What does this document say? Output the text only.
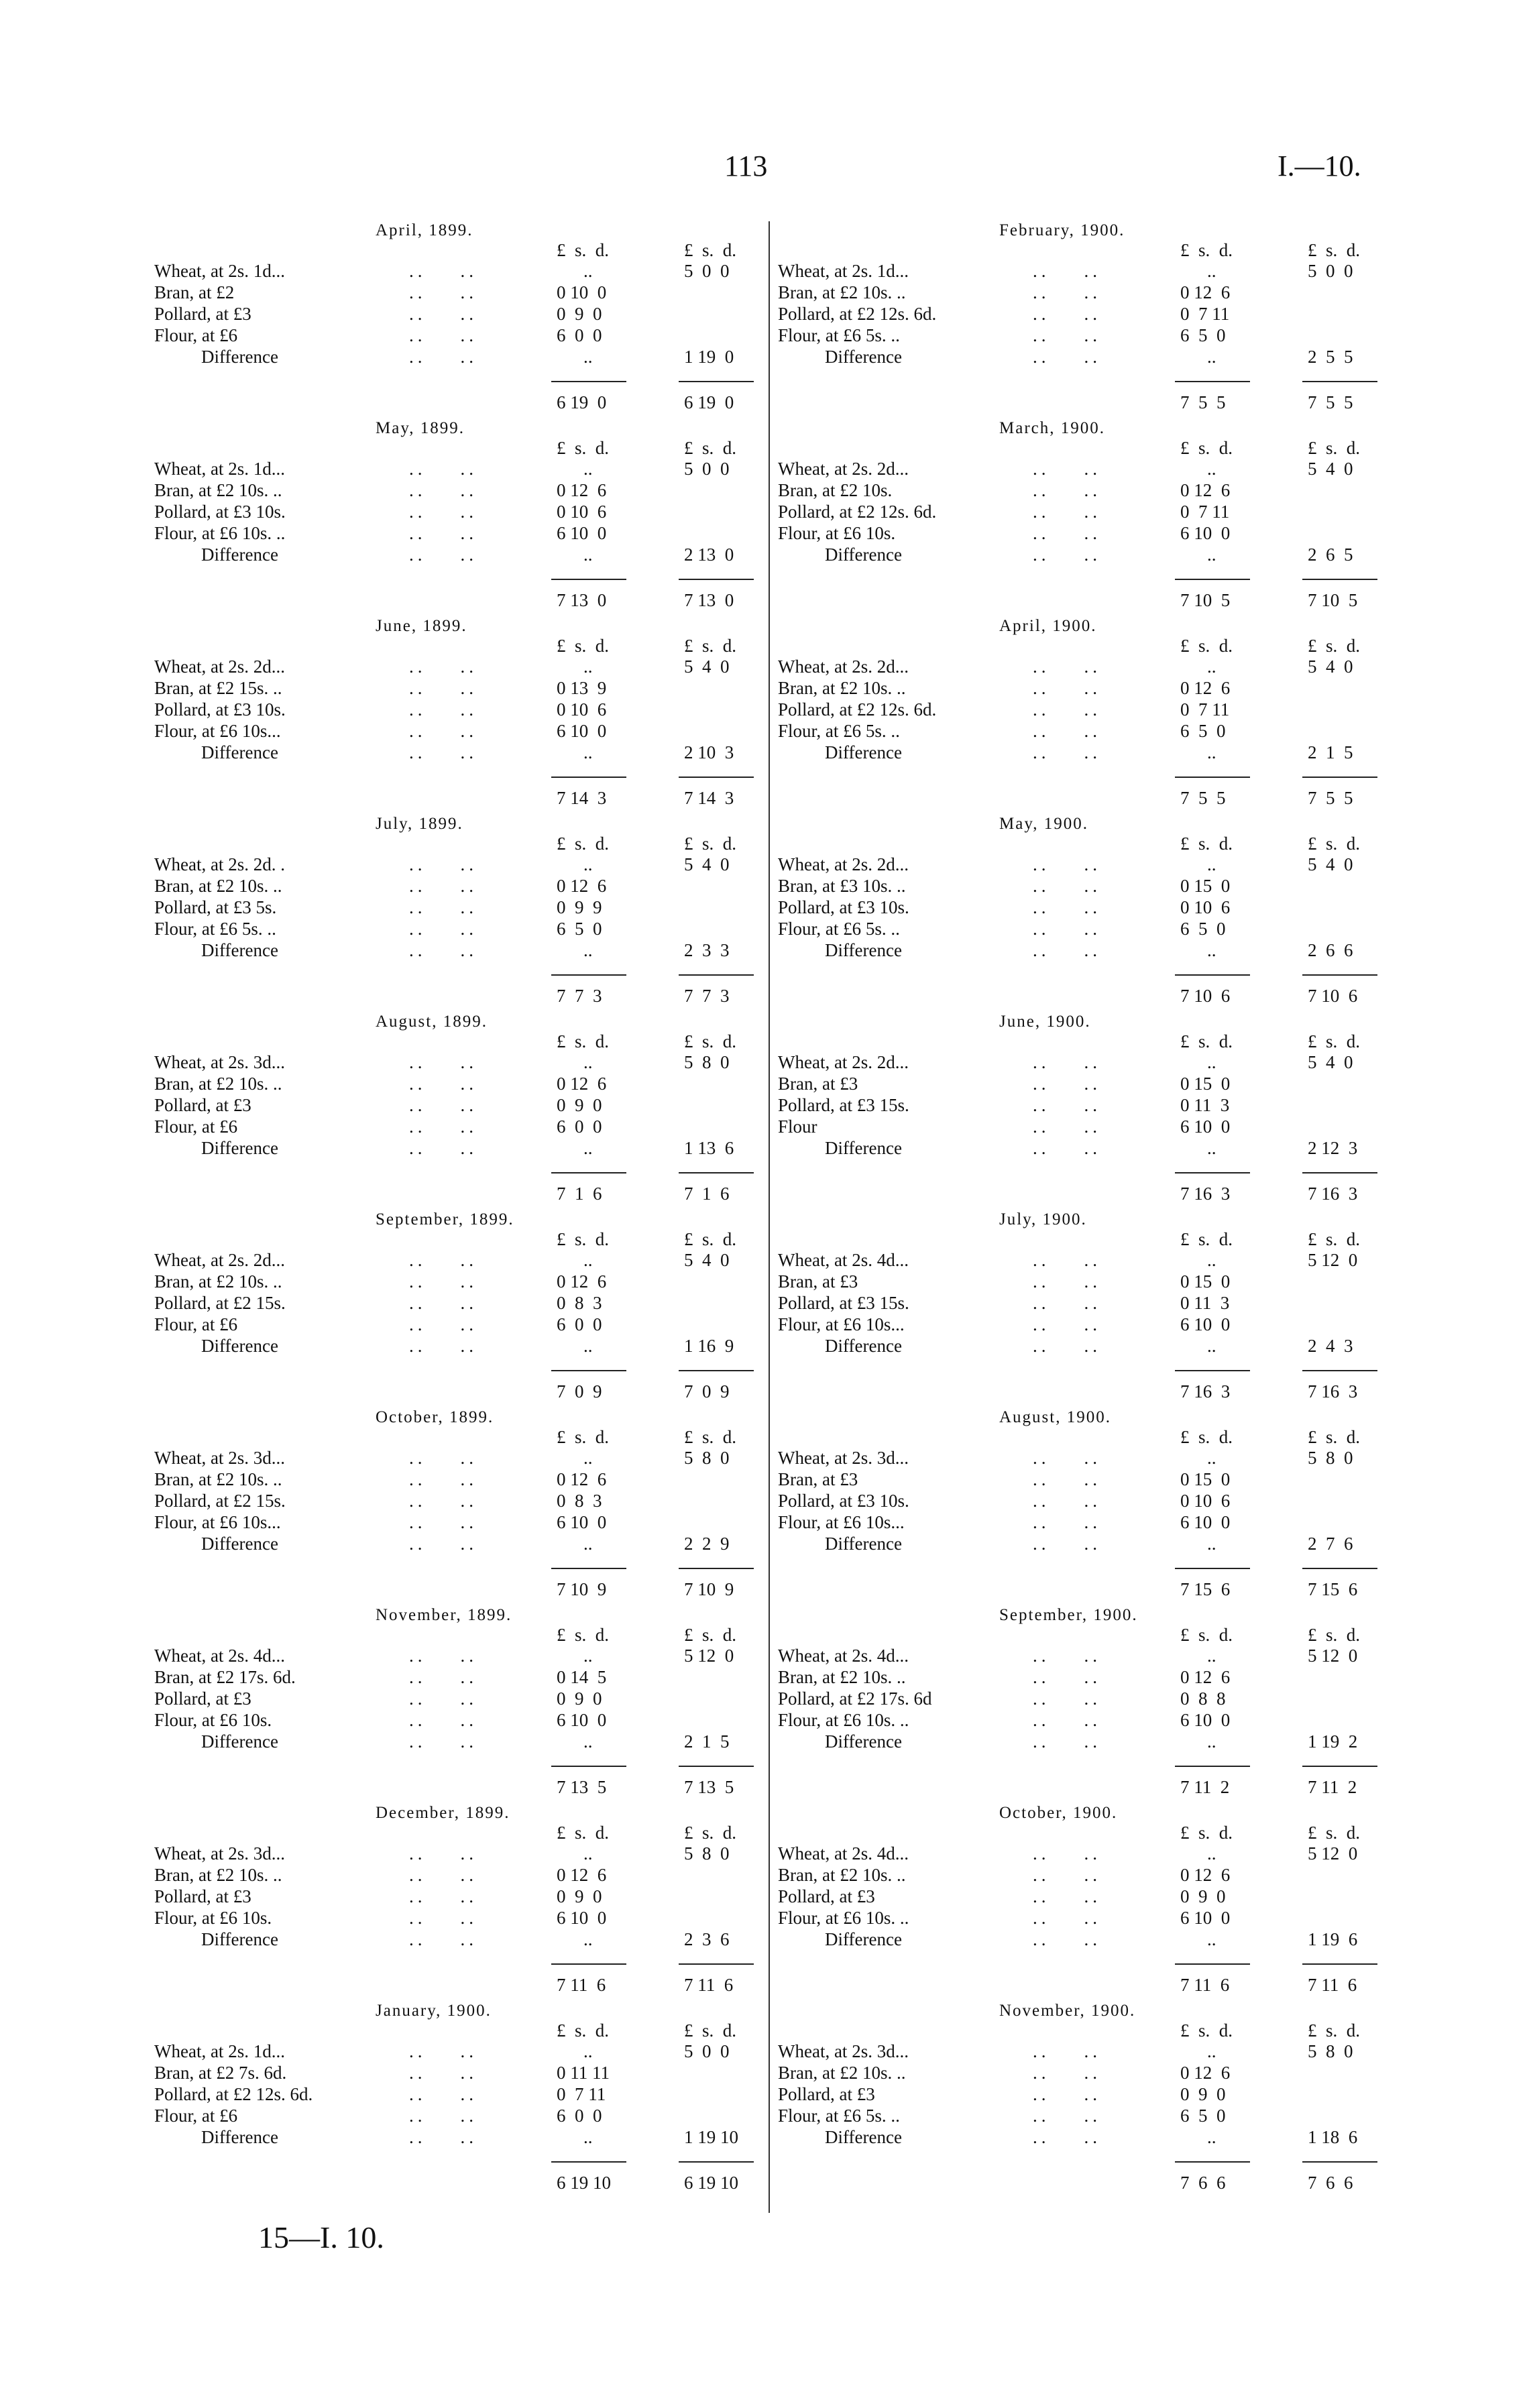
113	I.—10.
April, 1899.
£  s.  d.	£  s.  d.
Wheat, at 2s. 1d...	..    ..	..	5  0  0
Bran, at £2	..    ..	0 10  0
Pollard, at £3	..    ..	0  9  0
Flour, at £6	..    ..	6  0  0
Difference	..    ..	..	1 19  0
6 19  0	6 19  0
May, 1899.
£  s.  d.	£  s.  d.
Wheat, at 2s. 1d...	..    ..	..	5  0  0
Bran, at £2 10s. ..	..    ..	0 12  6
Pollard, at £3 10s.	..    ..	0 10  6
Flour, at £6 10s. ..	..    ..	6 10  0
Difference	..    ..	..	2 13  0
7 13  0	7 13  0
June, 1899.
£  s.  d.	£  s.  d.
Wheat, at 2s. 2d...	..    ..	..	5  4  0
Bran, at £2 15s. ..	..    ..	0 13  9
Pollard, at £3 10s.	..    ..	0 10  6
Flour, at £6 10s...	..    ..	6 10  0
Difference	..    ..	..	2 10  3
7 14  3	7 14  3
July, 1899.
£  s.  d.	£  s.  d.
Wheat, at 2s. 2d. .	..    ..	..	5  4  0
Bran, at £2 10s. ..	..    ..	0 12  6
Pollard, at £3 5s.	..    ..	0  9  9
Flour, at £6 5s. ..	..    ..	6  5  0
Difference	..    ..	..	2  3  3
7  7  3	7  7  3
August, 1899.
£  s.  d.	£  s.  d.
Wheat, at 2s. 3d...	..    ..	..	5  8  0
Bran, at £2 10s. ..	..    ..	0 12  6
Pollard, at £3	..    ..	0  9  0
Flour, at £6	..    ..	6  0  0
Difference	..    ..	..	1 13  6
7  1  6	7  1  6
September, 1899.
£  s.  d.	£  s.  d.
Wheat, at 2s. 2d...	..    ..	..	5  4  0
Bran, at £2 10s. ..	..    ..	0 12  6
Pollard, at £2 15s.	..    ..	0  8  3
Flour, at £6	..    ..	6  0  0
Difference	..    ..	..	1 16  9
7  0  9	7  0  9
October, 1899.
£  s.  d.	£  s.  d.
Wheat, at 2s. 3d...	..    ..	..	5  8  0
Bran, at £2 10s. ..	..    ..	0 12  6
Pollard, at £2 15s.	..    ..	0  8  3
Flour, at £6 10s...	..    ..	6 10  0
Difference	..    ..	..	2  2  9
7 10  9	7 10  9
November, 1899.
£  s.  d.	£  s.  d.
Wheat, at 2s. 4d...	..    ..	..	5 12  0
Bran, at £2 17s. 6d.	..    ..	0 14  5
Pollard, at £3	..    ..	0  9  0
Flour, at £6 10s.	..    ..	6 10  0
Difference	..    ..	..	2  1  5
7 13  5	7 13  5
December, 1899.
£  s.  d.	£  s.  d.
Wheat, at 2s. 3d...	..    ..	..	5  8  0
Bran, at £2 10s. ..	..    ..	0 12  6
Pollard, at £3	..    ..	0  9  0
Flour, at £6 10s.	..    ..	6 10  0
Difference	..    ..	..	2  3  6
7 11  6	7 11  6
January, 1900.
£  s.  d.	£  s.  d.
Wheat, at 2s. 1d...	..    ..	..	5  0  0
Bran, at £2 7s. 6d.	..    ..	0 11 11
Pollard, at £2 12s. 6d.	..    ..	0  7 11
Flour, at £6	..    ..	6  0  0
Difference	..    ..	..	1 19 10
6 19 10	6 19 10
February, 1900.
£  s.  d.	£  s.  d.
Wheat, at 2s. 1d...	..    ..	..	5  0  0
Bran, at £2 10s. ..	..    ..	0 12  6
Pollard, at £2 12s. 6d.	..    ..	0  7 11
Flour, at £6 5s. ..	..    ..	6  5  0
Difference	..    ..	..	2  5  5
7  5  5	7  5  5
March, 1900.
£  s.  d.	£  s.  d.
Wheat, at 2s. 2d...	..    ..	..	5  4  0
Bran, at £2 10s.	..    ..	0 12  6
Pollard, at £2 12s. 6d.	..    ..	0  7 11
Flour, at £6 10s.	..    ..	6 10  0
Difference	..    ..	..	2  6  5
7 10  5	7 10  5
April, 1900.
£  s.  d.	£  s.  d.
Wheat, at 2s. 2d...	..    ..	..	5  4  0
Bran, at £2 10s. ..	..    ..	0 12  6
Pollard, at £2 12s. 6d.	..    ..	0  7 11
Flour, at £6 5s. ..	..    ..	6  5  0
Difference	..    ..	..	2  1  5
7  5  5	7  5  5
May, 1900.
£  s.  d.	£  s.  d.
Wheat, at 2s. 2d...	..    ..	..	5  4  0
Bran, at £3 10s. ..	..    ..	0 15  0
Pollard, at £3 10s.	..    ..	0 10  6
Flour, at £6 5s. ..	..    ..	6  5  0
Difference	..    ..	..	2  6  6
7 10  6	7 10  6
June, 1900.
£  s.  d.	£  s.  d.
Wheat, at 2s. 2d...	..    ..	..	5  4  0
Bran, at £3	..    ..	0 15  0
Pollard, at £3 15s.	..    ..	0 11  3
Flour	..    ..	6 10  0
Difference	..    ..	..	2 12  3
7 16  3	7 16  3
July, 1900.
£  s.  d.	£  s.  d.
Wheat, at 2s. 4d...	..    ..	..	5 12  0
Bran, at £3	..    ..	0 15  0
Pollard, at £3 15s.	..    ..	0 11  3
Flour, at £6 10s...	..    ..	6 10  0
Difference	..    ..	..	2  4  3
7 16  3	7 16  3
August, 1900.
£  s.  d.	£  s.  d.
Wheat, at 2s. 3d...	..    ..	..	5  8  0
Bran, at £3	..    ..	0 15  0
Pollard, at £3 10s.	..    ..	0 10  6
Flour, at £6 10s...	..    ..	6 10  0
Difference	..    ..	..	2  7  6
7 15  6	7 15  6
September, 1900.
£  s.  d.	£  s.  d.
Wheat, at 2s. 4d...	..    ..	..	5 12  0
Bran, at £2 10s. ..	..    ..	0 12  6
Pollard, at £2 17s. 6d	..    ..	0  8  8
Flour, at £6 10s. ..	..    ..	6 10  0
Difference	..    ..	..	1 19  2
7 11  2	7 11  2
October, 1900.
£  s.  d.	£  s.  d.
Wheat, at 2s. 4d...	..    ..	..	5 12  0
Bran, at £2 10s. ..	..    ..	0 12  6
Pollard, at £3	..    ..	0  9  0
Flour, at £6 10s. ..	..    ..	6 10  0
Difference	..    ..	..	1 19  6
7 11  6	7 11  6
November, 1900.
£  s.  d.	£  s.  d.
Wheat, at 2s. 3d...	..    ..	..	5  8  0
Bran, at £2 10s. ..	..    ..	0 12  6
Pollard, at £3	..    ..	0  9  0
Flour, at £6 5s. ..	..    ..	6  5  0
Difference	..    ..	..	1 18  6
7  6  6	7  6  6
15—I. 10.
